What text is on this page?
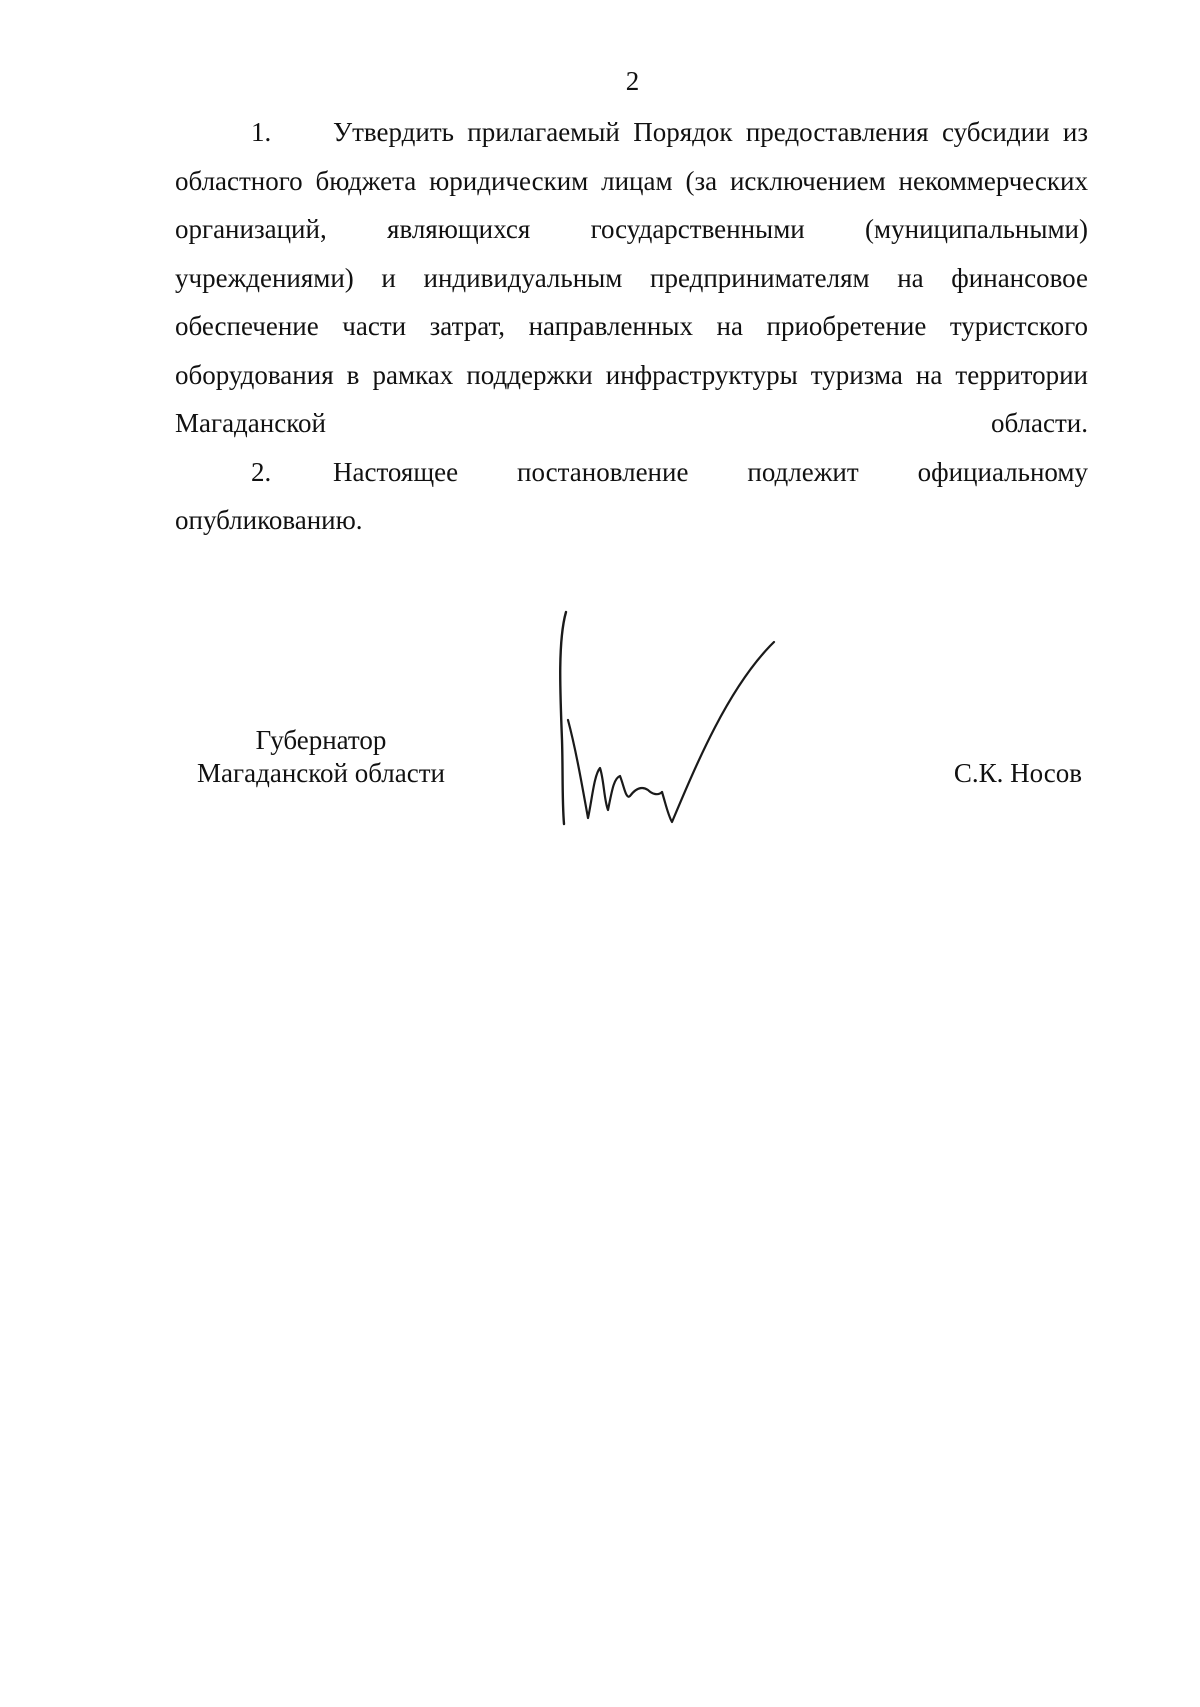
2

1. Утвердить прилагаемый Порядок предоставления субсидии из областного бюджета юридическим лицам (за исключением некоммерческих организаций, являющихся государственными (муниципальными) учреждениями) и индивидуальным предпринимателям на финансовое обеспечение части затрат, направленных на приобретение туристского оборудования в рамках поддержки инфраструктуры туризма на территории Магаданской области.

2. Настоящее постановление подлежит официальному опубликованию.

Губернатор
Магаданской области	С.К. Носов
